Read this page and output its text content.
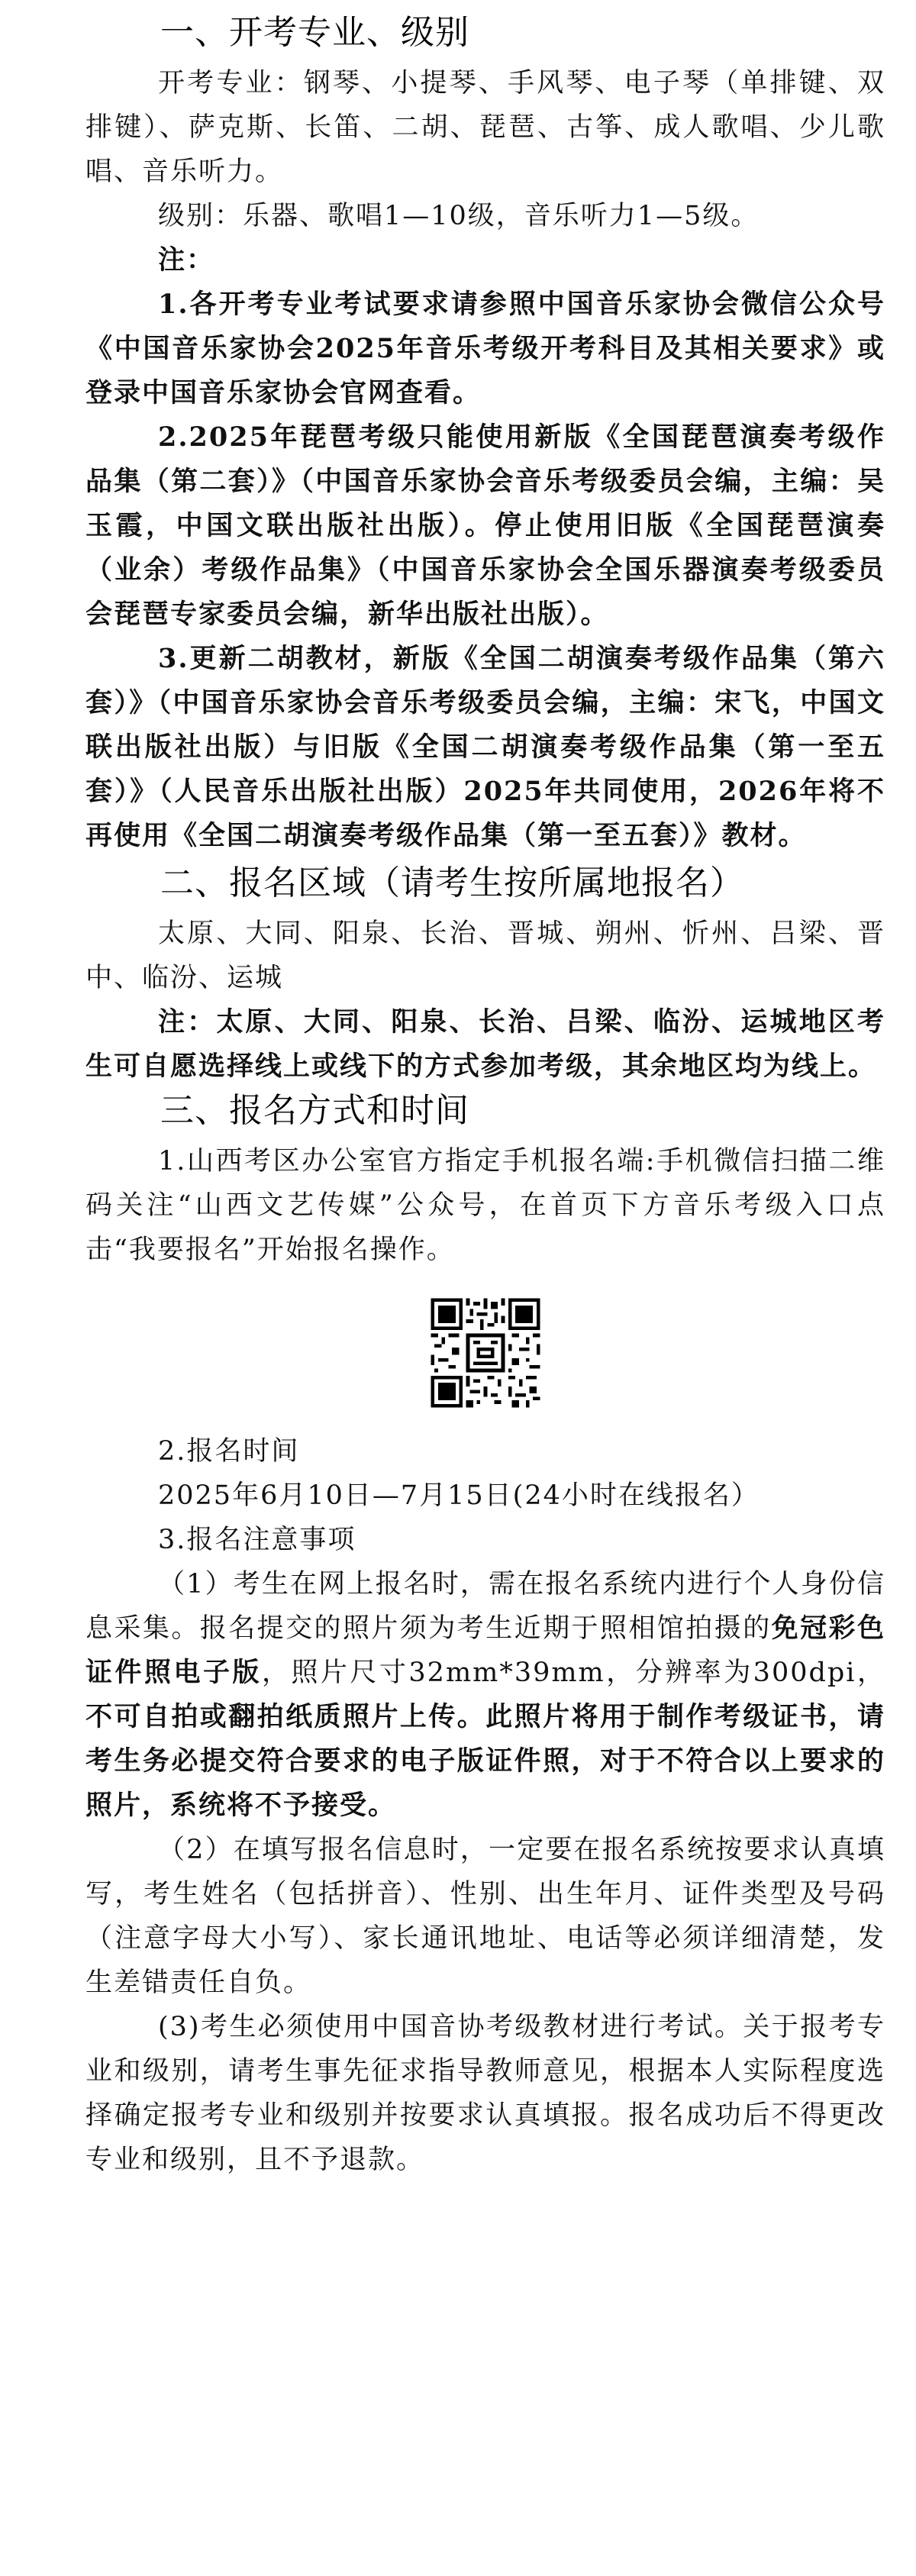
一、开考专业、级别

开考专业：钢琴、小提琴、手风琴、电子琴（单排键、双排键）、萨克斯、长笛、二胡、琵琶、古筝、成人歌唱、少儿歌唱、音乐听力。

级别：乐器、歌唱1—10级，音乐听力1—5级。

注：

1.各开考专业考试要求请参照中国音乐家协会微信公众号《中国音乐家协会2025年音乐考级开考科目及其相关要求》或登录中国音乐家协会官网查看。

2.2025年琵琶考级只能使用新版《全国琵琶演奏考级作品集（第二套）》（中国音乐家协会音乐考级委员会编，主编：吴玉霞，中国文联出版社出版）。停止使用旧版《全国琵琶演奏（业余）考级作品集》（中国音乐家协会全国乐器演奏考级委员会琵琶专家委员会编，新华出版社出版）。

3.更新二胡教材，新版《全国二胡演奏考级作品集（第六套）》（中国音乐家协会音乐考级委员会编，主编：宋飞，中国文联出版社出版）与旧版《全国二胡演奏考级作品集（第一至五套）》（人民音乐出版社出版）2025年共同使用，2026年将不再使用《全国二胡演奏考级作品集（第一至五套）》教材。

二、报名区域（请考生按所属地报名）

太原、大同、阳泉、长治、晋城、朔州、忻州、吕梁、晋中、临汾、运城

注：太原、大同、阳泉、长治、吕梁、临汾、运城地区考生可自愿选择线上或线下的方式参加考级，其余地区均为线上。

三、报名方式和时间

1.山西考区办公室官方指定手机报名端:手机微信扫描二维码关注“山西文艺传媒”公众号，在首页下方音乐考级入口点击“我要报名”开始报名操作。

2.报名时间

2025年6月10日—7月15日(24小时在线报名）

3.报名注意事项

（1）考生在网上报名时，需在报名系统内进行个人身份信息采集。报名提交的照片须为考生近期于照相馆拍摄的免冠彩色证件照电子版，照片尺寸32mm*39mm，分辨率为300dpi，不可自拍或翻拍纸质照片上传。此照片将用于制作考级证书，请考生务必提交符合要求的电子版证件照，对于不符合以上要求的照片，系统将不予接受。

（2）在填写报名信息时，一定要在报名系统按要求认真填写，考生姓名（包括拼音）、性别、出生年月、证件类型及号码（注意字母大小写）、家长通讯地址、电话等必须详细清楚，发生差错责任自负。

(3)考生必须使用中国音协考级教材进行考试。关于报考专业和级别，请考生事先征求指导教师意见，根据本人实际程度选择确定报考专业和级别并按要求认真填报。报名成功后不得更改专业和级别，且不予退款。
